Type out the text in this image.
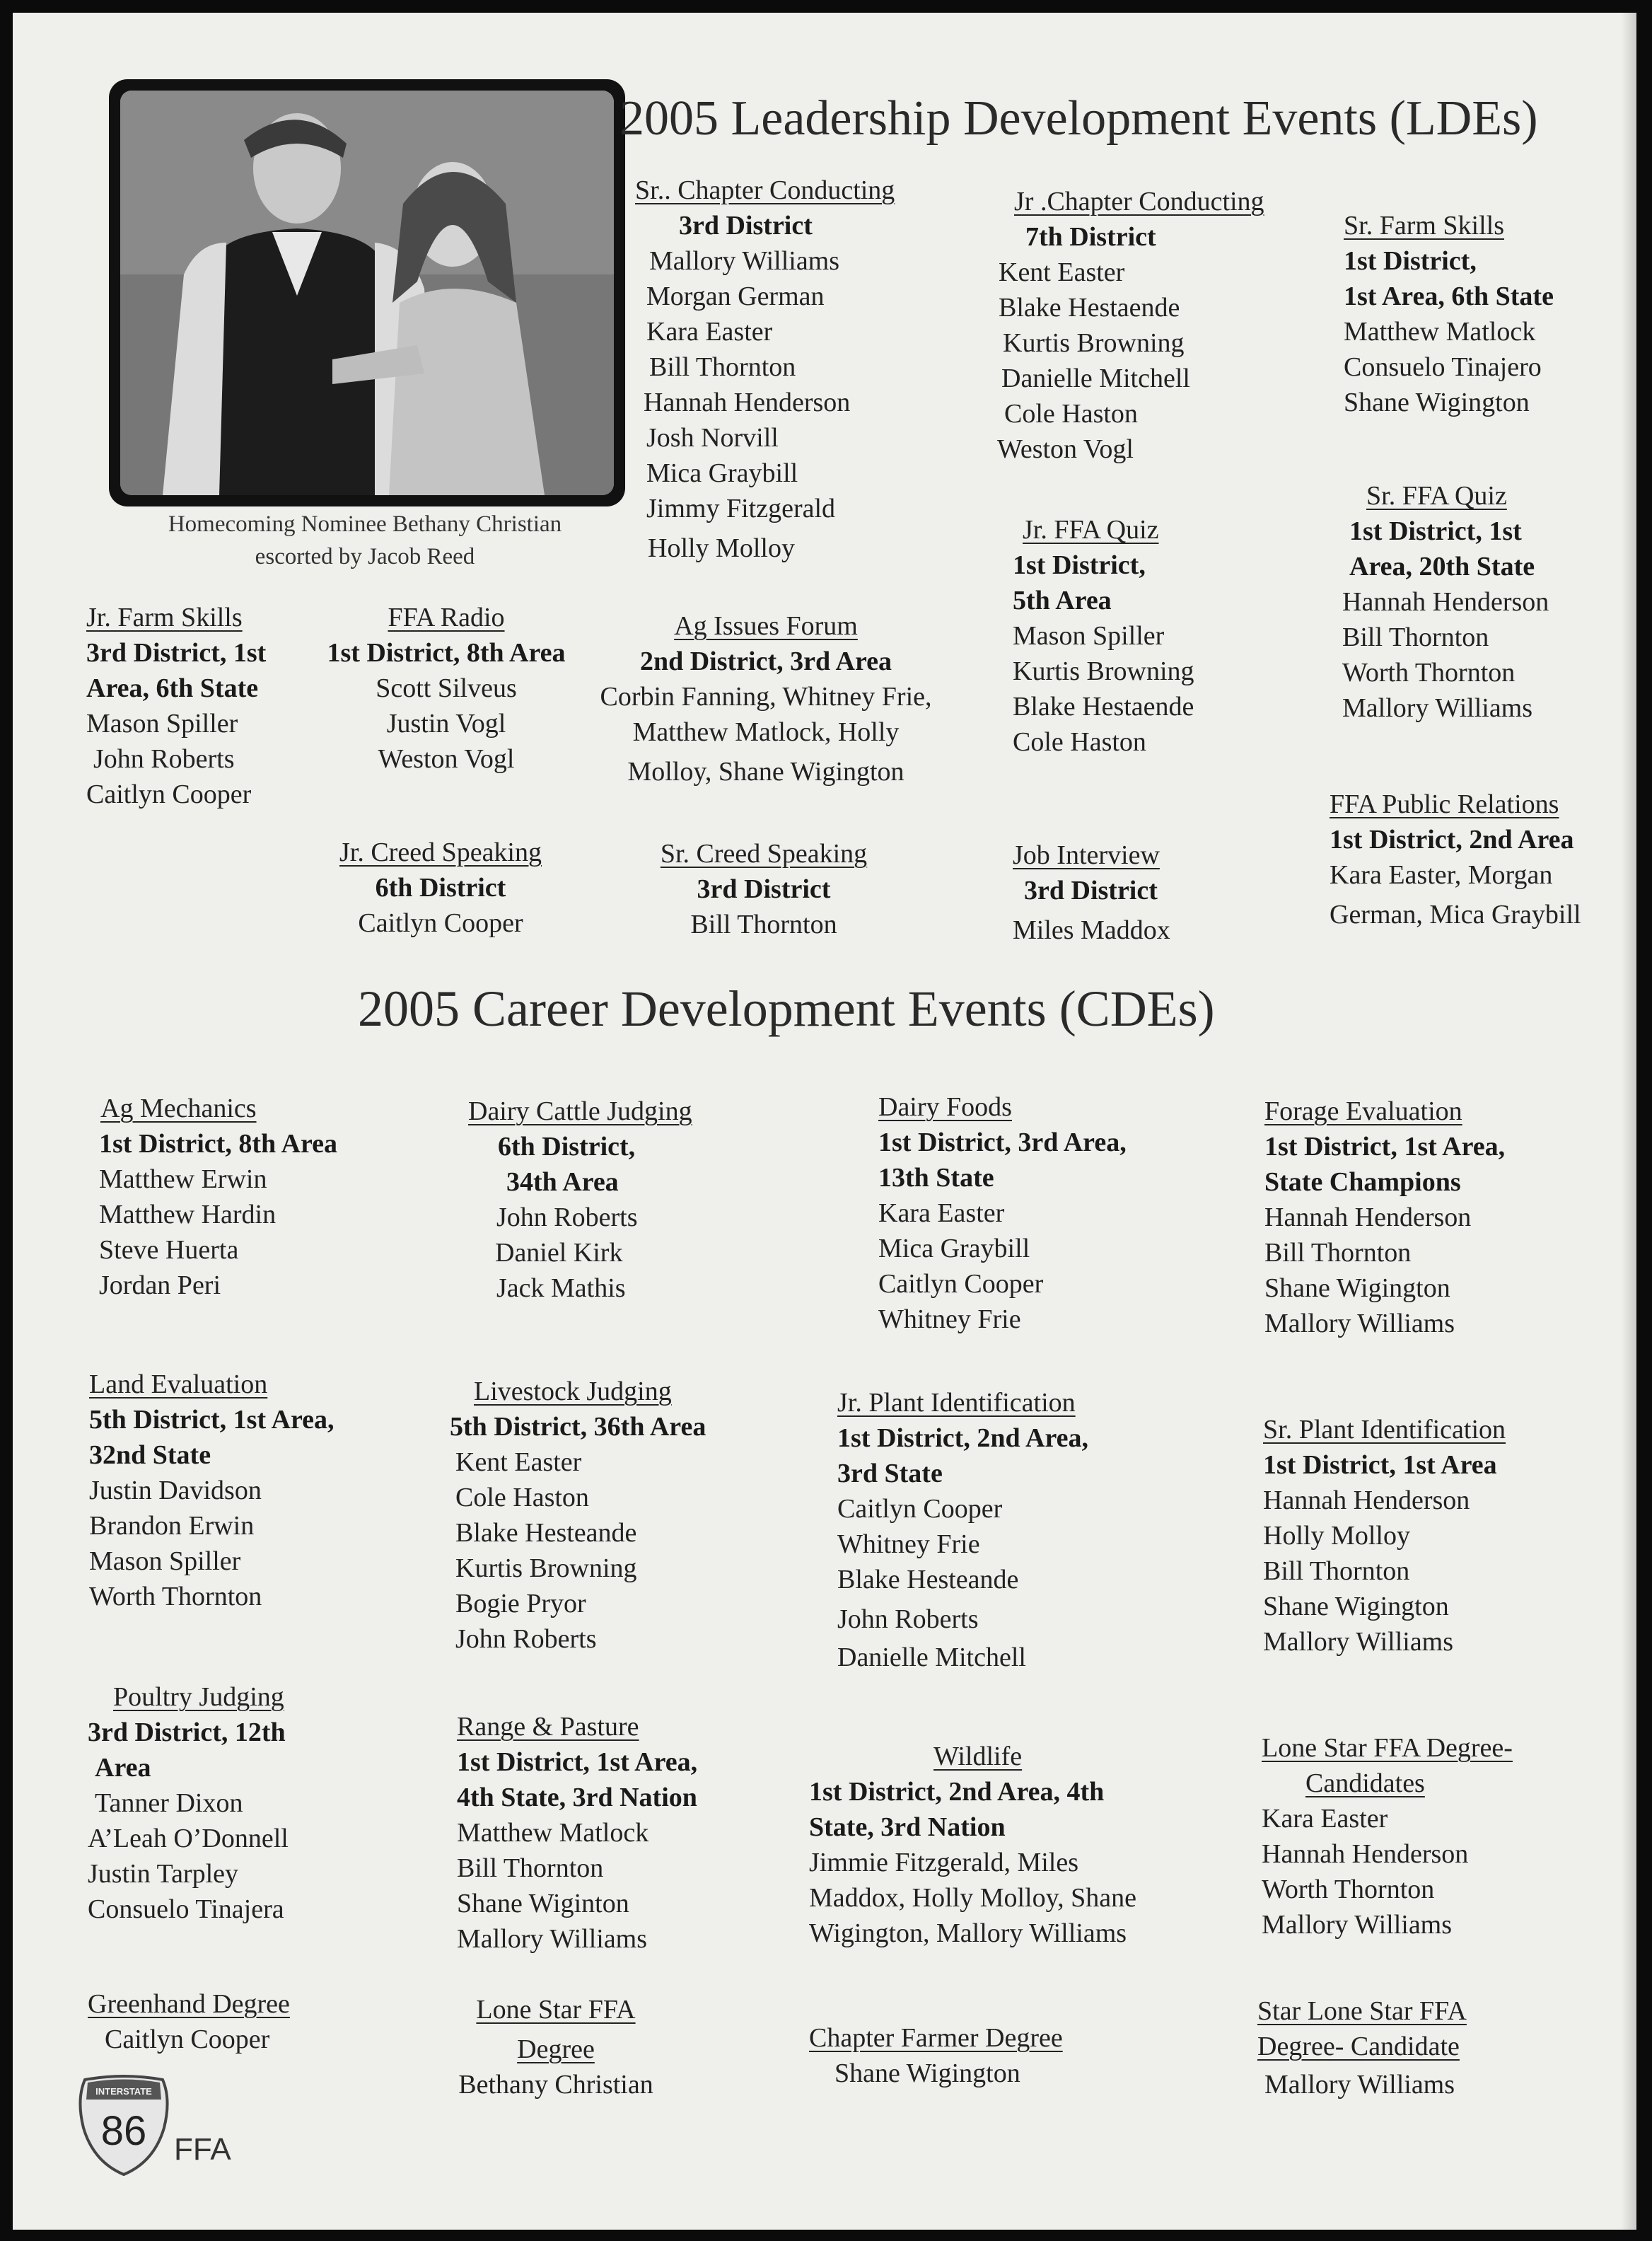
Homecoming Nominee Bethany Christian
escorted by Jacob Reed
2005 Leadership Development Events (LDEs)
2005 Career Development Events (CDEs)
Sr.. Chapter Conducting
3rd District
Mallory Williams
Morgan German
Kara Easter
Bill Thornton
Hannah Henderson
Josh Norvill
Mica Graybill
Jimmy Fitzgerald
Holly Molloy
Jr .Chapter Conducting
7th District
Kent Easter
Blake Hestaende
Kurtis Browning
Danielle Mitchell
Cole Haston
Weston Vogl
Sr. Farm Skills
1st District,
1st Area, 6th State
Matthew Matlock
Consuelo Tinajero
Shane Wigington
Jr. FFA Quiz
1st District,
5th Area
Mason Spiller
Kurtis Browning
Blake Hestaende
Cole Haston
Sr. FFA Quiz
1st District, 1st
Area, 20th State
Hannah Henderson
Bill Thornton
Worth Thornton
Mallory Williams
Jr. Farm Skills
3rd District, 1st
Area, 6th State
Mason Spiller
John Roberts
Caitlyn Cooper
FFA Radio
1st District, 8th Area
Scott Silveus
Justin Vogl
Weston Vogl
Ag Issues Forum
2nd District, 3rd Area
Corbin Fanning, Whitney Frie,
Matthew Matlock, Holly
Molloy, Shane Wigington
Jr. Creed Speaking
6th District
Caitlyn Cooper
Sr. Creed Speaking
3rd District
Bill Thornton
Job Interview
3rd District
Miles Maddox
FFA Public Relations
1st District, 2nd Area
Kara Easter, Morgan
German, Mica Graybill
Ag Mechanics
1st District, 8th Area
Matthew Erwin
Matthew Hardin
Steve Huerta
Jordan Peri
Dairy Cattle Judging
6th District,
34th Area
John Roberts
Daniel Kirk
Jack Mathis
Dairy Foods
1st District, 3rd Area,
13th State
Kara Easter
Mica Graybill
Caitlyn Cooper
Whitney Frie
Forage Evaluation
1st District, 1st Area,
State Champions
Hannah Henderson
Bill Thornton
Shane Wigington
Mallory Williams
Land Evaluation
5th District, 1st Area,
32nd State
Justin Davidson
Brandon Erwin
Mason Spiller
Worth Thornton
Livestock Judging
5th District, 36th Area
Kent Easter
Cole Haston
Blake Hesteande
Kurtis Browning
Bogie Pryor
John Roberts
Jr. Plant Identification
1st District, 2nd Area,
3rd State
Caitlyn Cooper
Whitney Frie
Blake Hesteande
John Roberts
Danielle Mitchell
Sr. Plant Identification
1st District, 1st Area
Hannah Henderson
Holly Molloy
Bill Thornton
Shane Wigington
Mallory Williams
Poultry Judging
3rd District, 12th
Area
Tanner Dixon
A’Leah O’Donnell
Justin Tarpley
Consuelo Tinajera
Range & Pasture
1st District, 1st Area,
4th State, 3rd Nation
Matthew Matlock
Bill Thornton
Shane Wiginton
Mallory Williams
Wildlife
1st District, 2nd Area, 4th
State, 3rd Nation
Jimmie Fitzgerald, Miles
Maddox, Holly Molloy, Shane
Wigington, Mallory Williams
Lone Star FFA Degree-
Candidates
Kara Easter
Hannah Henderson
Worth Thornton
Mallory Williams
Greenhand Degree
Caitlyn Cooper
Lone Star FFA
Degree
Bethany Christian
Chapter Farmer Degree
Shane Wigington
Star Lone Star FFA
Degree- Candidate
Mallory Williams
INTERSTATE
86 FFA
